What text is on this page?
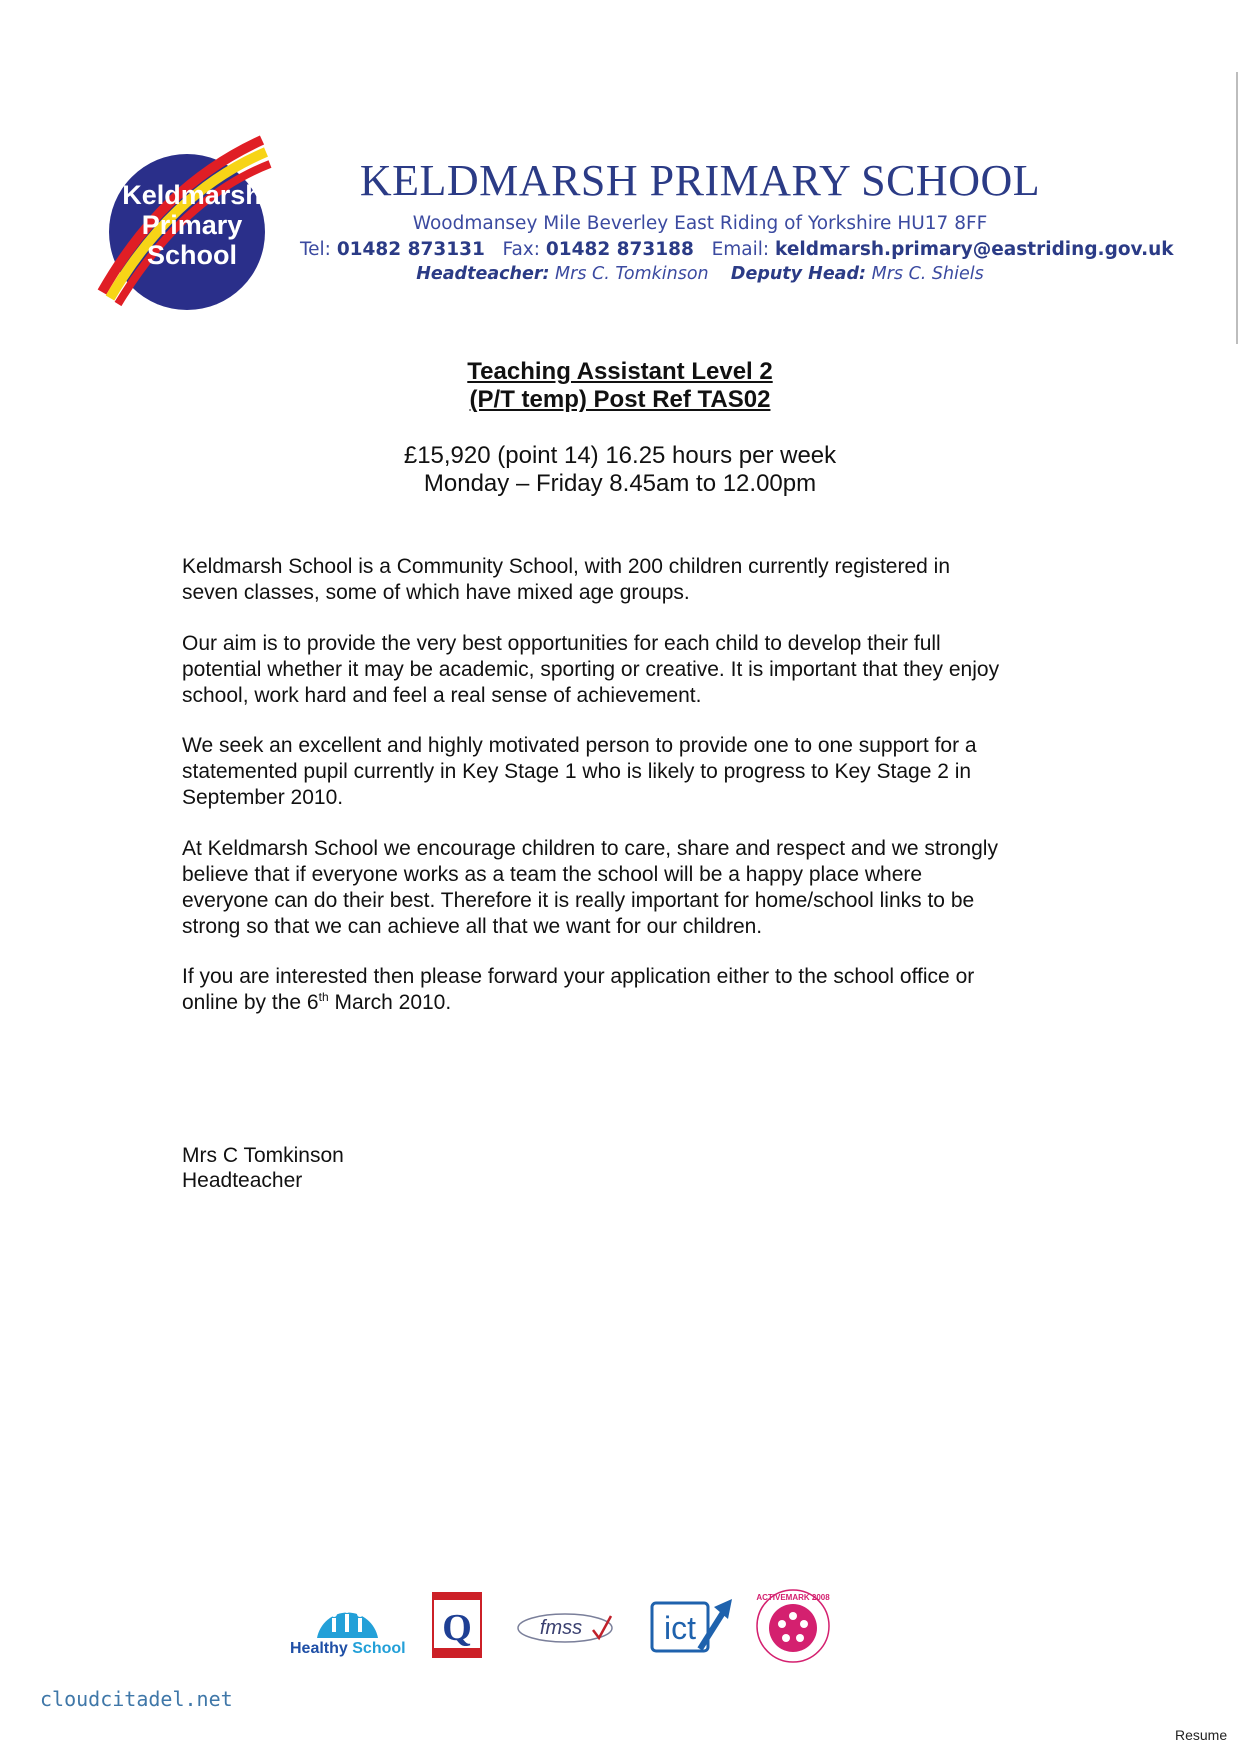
Keldmarsh
Primary
School
KELDMARSH PRIMARY SCHOOL
Woodmansey Mile Beverley East Riding of Yorkshire HU17 8FF
Tel: 01482 873131 Fax: 01482 873188 Email: keldmarsh.primary@eastriding.gov.uk
Headteacher: Mrs C. Tomkinson Deputy Head: Mrs C. Shiels
Teaching Assistant Level 2
(P/T temp) Post Ref TAS02
£15,920 (point 14) 16.25 hours per week
Monday – Friday 8.45am to 12.00pm

Keldmarsh School is a Community School, with 200 children currently registered in
seven classes, some of which have mixed age groups.

Our aim is to provide the very best opportunities for each child to develop their full
potential whether it may be academic, sporting or creative. It is important that they enjoy
school, work hard and feel a real sense of achievement.

We seek an excellent and highly motivated person to provide one to one support for a
statemented pupil currently in Key Stage 1 who is likely to progress to Key Stage 2 in
September 2010.

At Keldmarsh School we encourage children to care, share and respect and we strongly
believe that if everyone works as a team the school will be a happy place where
everyone can do their best. Therefore it is really important for home/school links to be
strong so that we can achieve all that we want for our children.

If you are interested then please forward your application either to the school office or
online by the 6th March 2010.

Mrs C Tomkinson
Headteacher
Healthy School Q	fmss	ict
ACTIVEMARK 2008
cloudcitadel.net
Resume
